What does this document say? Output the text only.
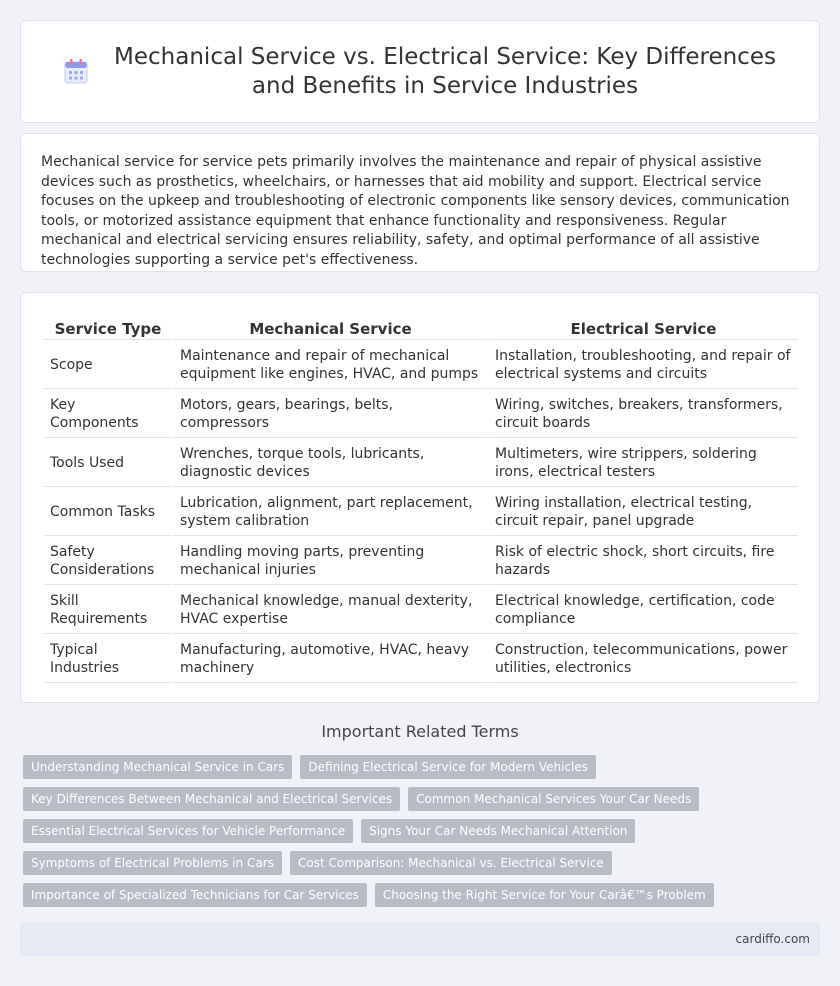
Mechanical Service vs. Electrical Service: Key Differences and Benefits in Service Industries

Mechanical service for service pets primarily involves the maintenance and repair of physical assistive devices such as prosthetics, wheelchairs, or harnesses that aid mobility and support. Electrical service focuses on the upkeep and troubleshooting of electronic components like sensory devices, communication tools, or motorized assistance equipment that enhance functionality and responsiveness. Regular mechanical and electrical servicing ensures reliability, safety, and optimal performance of all assistive technologies supporting a service pet's effectiveness.

Service Type	Mechanical Service	Electrical Service
Scope	Maintenance and repair of mechanical equipment like engines, HVAC, and pumps	Installation, troubleshooting, and repair of electrical systems and circuits
Key Components	Motors, gears, bearings, belts, compressors	Wiring, switches, breakers, transformers, circuit boards
Tools Used	Wrenches, torque tools, lubricants, diagnostic devices	Multimeters, wire strippers, soldering irons, electrical testers
Common Tasks	Lubrication, alignment, part replacement, system calibration	Wiring installation, electrical testing, circuit repair, panel upgrade
Safety Considerations	Handling moving parts, preventing mechanical injuries	Risk of electric shock, short circuits, fire hazards
Skill Requirements	Mechanical knowledge, manual dexterity, HVAC expertise	Electrical knowledge, certification, code compliance
Typical Industries	Manufacturing, automotive, HVAC, heavy machinery	Construction, telecommunications, power utilities, electronics
Important Related Terms
Understanding Mechanical Service in Cars	Defining Electrical Service for Modern Vehicles
Key Differences Between Mechanical and Electrical Services	Common Mechanical Services Your Car Needs
Essential Electrical Services for Vehicle Performance	Signs Your Car Needs Mechanical Attention
Symptoms of Electrical Problems in Cars	Cost Comparison: Mechanical vs. Electrical Service
Importance of Specialized Technicians for Car Services	Choosing the Right Service for Your Carâ€™s Problem
cardiffo.com
